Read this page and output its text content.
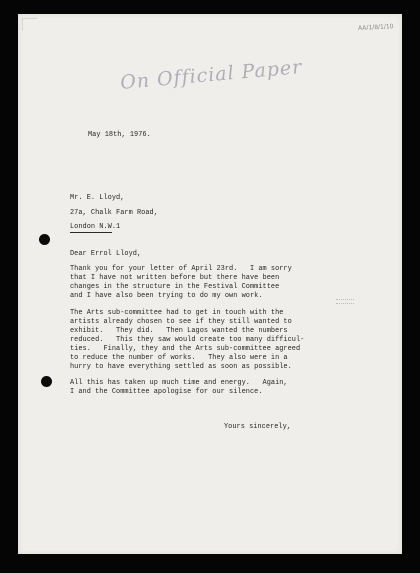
AA/1/8/1/10
On Official Paper
May 18th, 1976.
Mr. E. Lloyd,
27a, Chalk Farm Road,
London N.W.1
Dear Errol Lloyd,
Thank you for your letter of April 23rd.   I am sorry
that I have not written before but there have been
changes in the structure in the Festival Committee
and I have also been trying to do my own work.
The Arts sub-committee had to get in touch with the
artists already chosen to see if they still wanted to
exhibit.   They did.   Then Lagos wanted the numbers
reduced.   This they saw would create too many difficul-
ties.   Finally, they and the Arts sub-committee agreed
to reduce the number of works.   They also were in a
hurry to have everything settled as soon as possible.
All this has taken up much time and energy.   Again,
I and the Committee apologise for our silence.
Yours sincerely,
